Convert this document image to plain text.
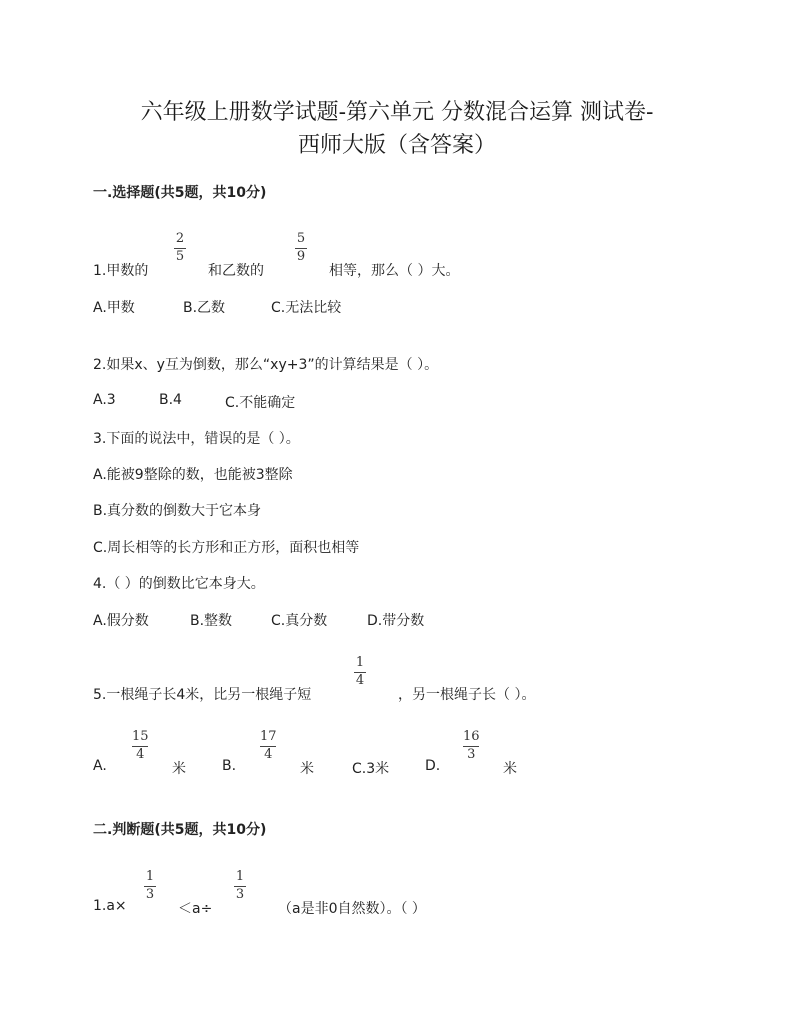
六年级上册数学试题-第六单元 分数混合运算 测试卷-
西师大版（含答案）
一.选择题(共5题，共10分)
1.甲数的
2
5
和乙数的
5
9
相等，那么（ ）大。
A.甲数	B.乙数	C.无法比较
2.如果x、y互为倒数，那么“xy+3”的计算结果是（ ）。
A.3	B.4	C.不能确定
3.下面的说法中，错误的是（ ）。
A.能被9整除的数，也能被3整除
B.真分数的倒数大于它本身
C.周长相等的长方形和正方形，面积也相等
4.（ ）的倒数比它本身大。
A.假分数	B.整数	C.真分数	D.带分数
5.一根绳子长4米，比另一根绳子短
1
4
，另一根绳子长（ ）。
A.
15
4
米	B.
17
4
米	C.3米	D.
16
3
米
二.判断题(共5题，共10分)
1.a×
1
3
＜a÷
1
3
（a是非0自然数）。（ ）
